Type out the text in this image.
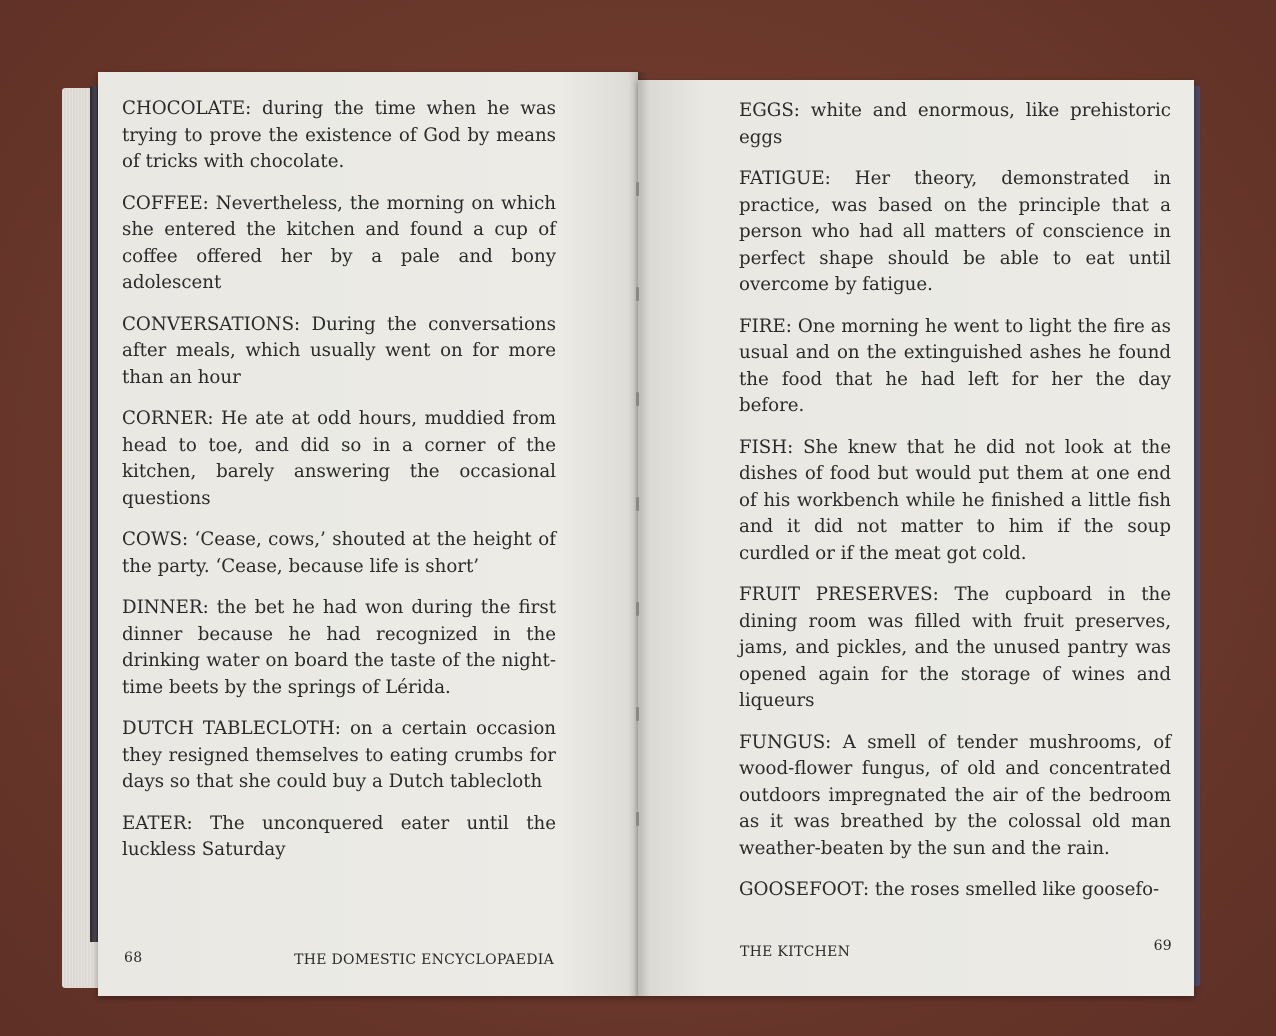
CHOCOLATE: during the time when he was trying to prove the existence of God by means of tricks with chocolate.

COFFEE: Nevertheless, the morning on which she entered the kitchen and found a cup of coffee offered her by a pale and bony adolescent

CONVERSATIONS: During the conversations after meals, which usually went on for more than an hour

CORNER: He ate at odd hours, muddied from head to toe, and did so in a corner of the kitchen, barely answering the occasional questions

COWS: ‘Cease, cows,’ shouted at the height of the party. ‘Cease, because life is short’

DINNER: the bet he had won during the first dinner because he had recognized in the drinking water on board the taste of the night-time beets by the springs of Lérida.

DUTCH TABLECLOTH: on a certain occasion they resigned themselves to eating crumbs for days so that she could buy a Dutch tablecloth

EATER: The unconquered eater until the luckless Saturday

EGGS: white and enormous, like prehistoric eggs

FATIGUE: Her theory, demonstrated in practice, was based on the principle that a person who had all matters of conscience in perfect shape should be able to eat until overcome by fatigue.

FIRE: One morning he went to light the fire as usual and on the extinguished ashes he found the food that he had left for her the day before.

FISH: She knew that he did not look at the dishes of food but would put them at one end of his workbench while he finished a little fish and it did not matter to him if the soup curdled or if the meat got cold.

FRUIT PRESERVES: The cupboard in the dining room was filled with fruit preserves, jams, and pickles, and the unused pantry was opened again for the storage of wines and liqueurs

FUNGUS: A smell of tender mushrooms, of wood-flower fungus, of old and concentrated outdoors impregnated the air of the bedroom as it was breathed by the colossal old man weather-beaten by the sun and the rain.

GOOSEFOOT: the roses smelled like goosefo-

68	THE DOMESTIC ENCYCLOPAEDIA	THE KITCHEN	69
